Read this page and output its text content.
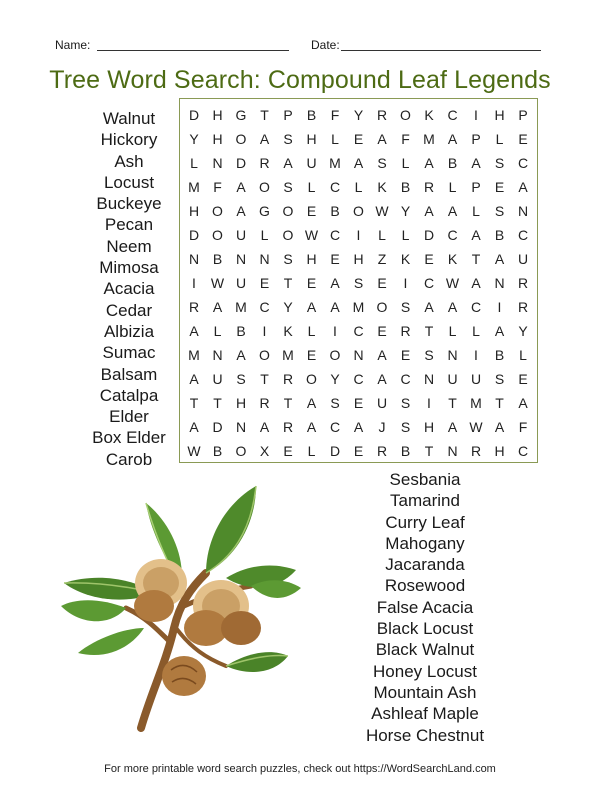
Name:	Date:
Tree Word Search: Compound Leaf Legends
Walnut
Hickory
Ash
Locust
Buckeye
Pecan
Neem
Mimosa
Acacia
Cedar
Albizia
Sumac
Balsam
Catalpa
Elder
Box Elder
Carob
D H G T	P	B	F	Y R O K C	I	H P
Y H O A	S H	L	E	A	F M A	P	L	E
L	N D R A U M A	S	L	A	B	A	S C
M F	A O S	L	C	L	K	B R	L	P	E	A
H O A G O E	B O W Y	A	A	L	S N
D O U	L	O W C	I	L	L	D C A	B C
N B N N S H E H	Z	K	E	K	T	A U
I	W U E	T	E	A	S	E	I	C W A N R
R A M C Y	A	A M O S	A	A C	I	R
A	L	B	I	K	L	I	C E R	T	L	L	A	Y
M N A O M E O N A	E	S N	I	B	L
A U S	T	R O Y C A C N U U S	E
T	T	H R	T	A	S	E U S	I	T M T	A
A D N A R A C A	J	S H A W A	F
W B O X	E	L	D E R B	T	N R H C
Sesbania
Tamarind
Curry Leaf
Mahogany
Jacaranda
Rosewood
False Acacia
Black Locust
Black Walnut
Honey Locust
Mountain Ash
Ashleaf Maple
Horse Chestnut
For more printable word search puzzles, check out https://WordSearchLand.com
